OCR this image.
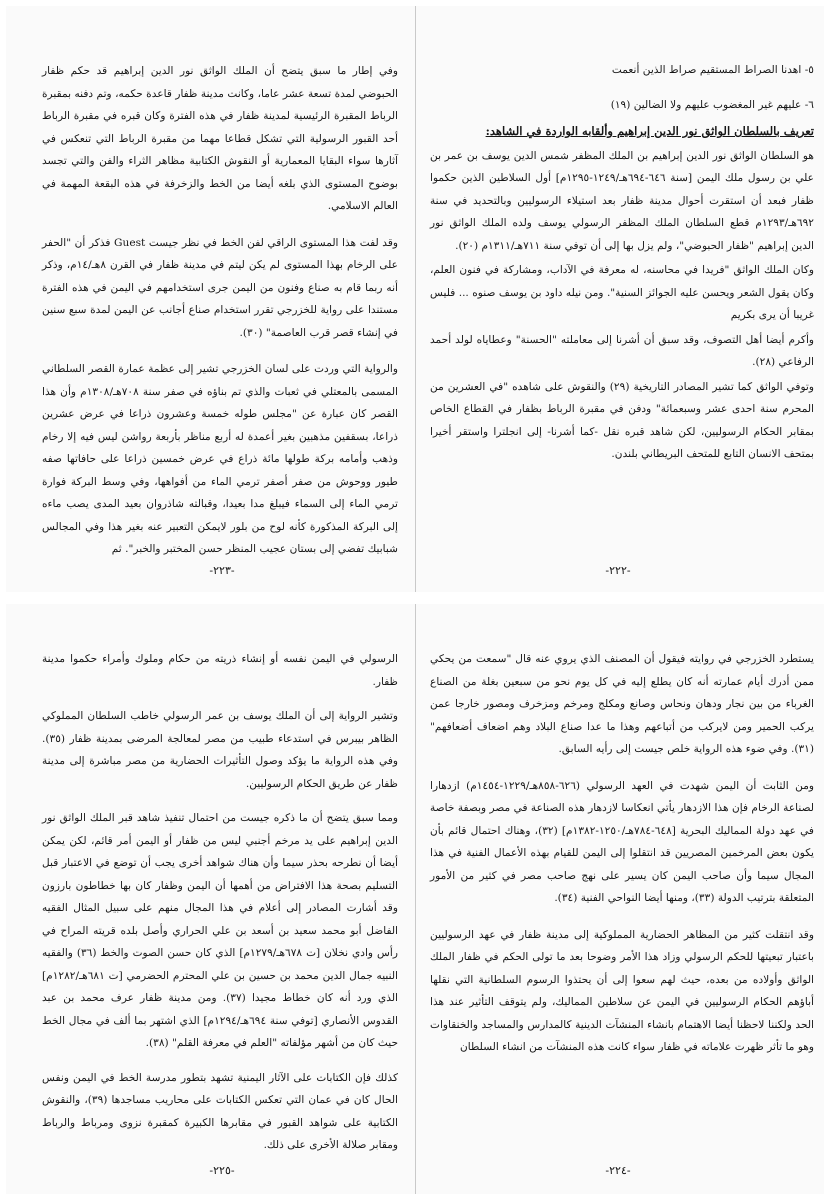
٥- اهدنا الصراط المستقيم صراط الذين أنعمت

٦- عليهم غير المغضوب عليهم ولا الضالين (١٩)

تعريف بالسلطان الواثق نور الدين إبراهيم وألقابه الواردة في الشاهد:

هو السلطان الواثق نور الدين إبراهيم بن الملك المظفر شمس الدين يوسف بن عمر بن علي بن رسول ملك اليمن [سنة ٦٤٦-٦٩٤هـ/١٢٤٩-١٢٩٥م] أول السلاطين الذين حكموا ظفار فبعد أن استقرت أحوال مدينة ظفار بعد استيلاء الرسوليين وبالتحديد في سنة ٦٩٢هـ/١٢٩٣م قطع السلطان الملك المظفر الرسولي يوسف ولده الملك الواثق نور الدين إبراهيم "ظفار الحبوضي"، ولم يزل بها إلى أن توفي سنة ٧١١هـ/١٣١١م (٢٠).

وكان الملك الواثق "فريدا في محاسنه، له معرفة في الآداب، ومشاركة في فنون العلم، وكان يقول الشعر ويحسن عليه الجوائز السنية". ومن نيله داود بن يوسف صنوه ... فليس غريبا أن يرى بكريم

وأكرم أيضا أهل التصوف، وقد سبق أن أشرنا إلى معاملته "الحسنة" وعطاياه لولد أحمد الرفاعي (٢٨).

وتوفي الواثق كما تشير المصادر التاريخية (٢٩) والنقوش على شاهده "في العشرين من المحرم سنة احدى عشر وسبعمائة" ودفن في مقبرة الرباط بظفار في القطاع الخاص بمقابر الحكام الرسوليين، لكن شاهد قبره نقل -كما أشرنا- إلى انجلترا واستقر أخيرا بمتحف الانسان التابع للمتحف البريطاني بلندن.

-٢٢٢-

وفي إطار ما سبق يتضح أن الملك الواثق نور الدين إبراهيم قد حكم ظفار الحبوضي لمدة تسعة عشر عاما، وكانت مدينة ظفار قاعدة حكمه، وتم دفنه بمقبرة الرباط المقبرة الرئيسية لمدينة ظفار في هذه الفترة وكان قبره في مقبرة الرباط أحد القبور الرسولية التي تشكل قطاعا مهما من مقبرة الرباط التي تنعكس في آثارها سواء البقايا المعمارية أو النقوش الكتابية مظاهر الثراء والفن والتي تجسد بوضوح المستوى الذي بلغه أيضا من الخط والزخرفة في هذه البقعة المهمة في العالم الاسلامي.

وقد لفت هذا المستوى الراقي لفن الخط في نظر جيست Guest فذكر أن "الحفر على الرخام بهذا المستوى لم يكن ليتم في مدينة ظفار في القرن ٨هـ/١٤م، وذكر أنه ربما قام به صناع وفنون من اليمن جرى استخدامهم في اليمن في هذه الفترة مستندا على رواية للخزرجي تقرر استخدام صناع أجانب عن اليمن لمدة سبع سنين في إنشاء قصر قرب العاصمة" (٣٠).

والرواية التي وردت على لسان الخزرجي تشير إلى عظمة عمارة القصر السلطاني المسمى بالمعتلي في ثعبات والذي تم بناؤه في صفر سنة ٧٠٨هـ/١٣٠٨م وأن هذا القصر كان عبارة عن "مجلس طوله خمسة وعشرون ذراعا في عرض عشرين ذراعا، بسقفين مذهبين بغير أعمدة له أربع مناظر بأربعة رواشن ليس فيه إلا رخام وذهب وأمامه بركة طولها مائة ذراع في عرض خمسين ذراعا على حافاتها صفه طيور ووحوش من صفر أصفر ترمي الماء من أفواهها، وفي وسط البركة فوارة ترمي الماء إلى السماء فيبلغ مدا بعيدا، وقبالته شاذروان بعيد المدى يصب ماءه إلى البركة المذكورة كأنه لوح من بلور لايمكن التعبير عنه بغير هذا وفي المجالس شبابيك تفضي إلى بستان عجيب المنظر حسن المختبر والخبر". ثم

-٢٢٣-

يستطرد الخزرجي في روايته فيقول أن المصنف الذي يروي عنه قال "سمعت من يحكي ممن أدرك أيام عمارته أنه كان يطلع إليه في كل يوم نحو من سبعين بغلة من الصناع الغرباء من بين نجار ودهان ونحاس وصانع ومكلج ومرخم ومزخرف ومصور خارجا عمن يركب الحمير ومن لايركب من أتباعهم وهذا ما عدا صناع البلاد وهم اضعاف أضعافهم" (٣١). وفي ضوء هذه الرواية خلص جيست إلى رأيه السابق.

ومن الثابت أن اليمن شهدت في العهد الرسولي (٦٢٦-٨٥٨هـ/١٢٢٩-١٤٥٤م) ازدهارا لصناعة الرخام فإن هذا الازدهار يأتي انعكاسا لازدهار هذه الصناعة في مصر وبصفة خاصة في عهد دولة المماليك البحرية [٦٤٨-٧٨٤هـ/١٢٥٠-١٣٨٢م] (٣٢)، وهناك احتمال قائم بأن يكون بعض المرخمين المصريين قد انتقلوا إلى اليمن للقيام بهذه الأعمال الفنية في هذا المجال سيما وأن صاحب اليمن كان يسير على نهج صاحب مصر في كثير من الأمور المتعلقة بترتيب الدولة (٣٣)، ومنها أيضا النواحي الفنية (٣٤).

وقد انتقلت كثير من المظاهر الحضارية المملوكية إلى مدينة ظفار في عهد الرسوليين باعتبار تبعيتها للحكم الرسولي وزاد هذا الأمر وضوحا بعد ما تولى الحكم في ظفار الملك الواثق وأولاده من بعده، حيث لهم سعوا إلى أن يحتذوا الرسوم السلطانية التي نقلها أباؤهم الحكام الرسوليين في اليمن عن سلاطين المماليك، ولم يتوقف التأثير عند هذا الحد ولكننا لاحظنا أيضا الاهتمام بانشاء المنشآت الدينية كالمدارس والمساجد والخنقاوات وهو ما تأثر ظهرت علاماته في ظفار سواء كانت هذه المنشآت من انشاء السلطان

-٢٢٤-

الرسولي في اليمن نفسه أو إنشاء ذريته من حكام وملوك وأمراء حكموا مدينة ظفار.

وتشير الرواية إلى أن الملك يوسف بن عمر الرسولي خاطب السلطان المملوكي الظاهر بيبرس في استدعاء طبيب من مصر لمعالجة المرضى بمدينة ظفار (٣٥). وفي هذه الرواية ما يؤكد وصول التأثيرات الحضارية من مصر مباشرة إلى مدينة ظفار عن طريق الحكام الرسوليين.

ومما سبق يتضح أن ما ذكره جيست من احتمال تنفيذ شاهد قبر الملك الواثق نور الدين إبراهيم على يد مرخم أجنبي ليس من ظفار أو اليمن أمر قائم، لكن يمكن أيضا أن نطرحه بحذر سيما وأن هناك شواهد أخرى يجب أن توضع في الاعتبار قبل التسليم بصحة هذا الافتراض من أهمها أن اليمن وظفار كان بها خطاطون بارزون وقد أشارت المصادر إلى أعلام في هذا المجال منهم على سبيل المثال الفقيه الفاضل أبو محمد سعيد بن أسعد بن علي الحراري وأصل بلده قريته المراح في رأس وادي نخلان [ت ٦٧٨هـ/١٢٧٩م] الذي كان حسن الصوت والخط (٣٦) والفقيه النبيه جمال الدين محمد بن حسين بن علي المحترم الحضرمي [ت ٦٨١هـ/١٢٨٢م] الذي ورد أنه كان خطاط مجيدا (٣٧). ومن مدينة ظفار عرف محمد بن عبد القدوس الأنصاري [توفي سنة ٦٩٤هـ/١٢٩٤م] الذي اشتهر بما ألف في مجال الخط حيث كان من أشهر مؤلفاته "العلم في معرفة القلم" (٣٨).

كذلك فإن الكتابات على الآثار اليمنية تشهد بتطور مدرسة الخط في اليمن ونفس الحال كان في عمان التي تعكس الكتابات على محاريب مساجدها (٣٩)، والنقوش الكتابية على شواهد القبور في مقابرها الكبيرة كمقبرة نزوى ومرباط والرباط ومقابر صلالة الأخرى على ذلك.

-٢٢٥-
